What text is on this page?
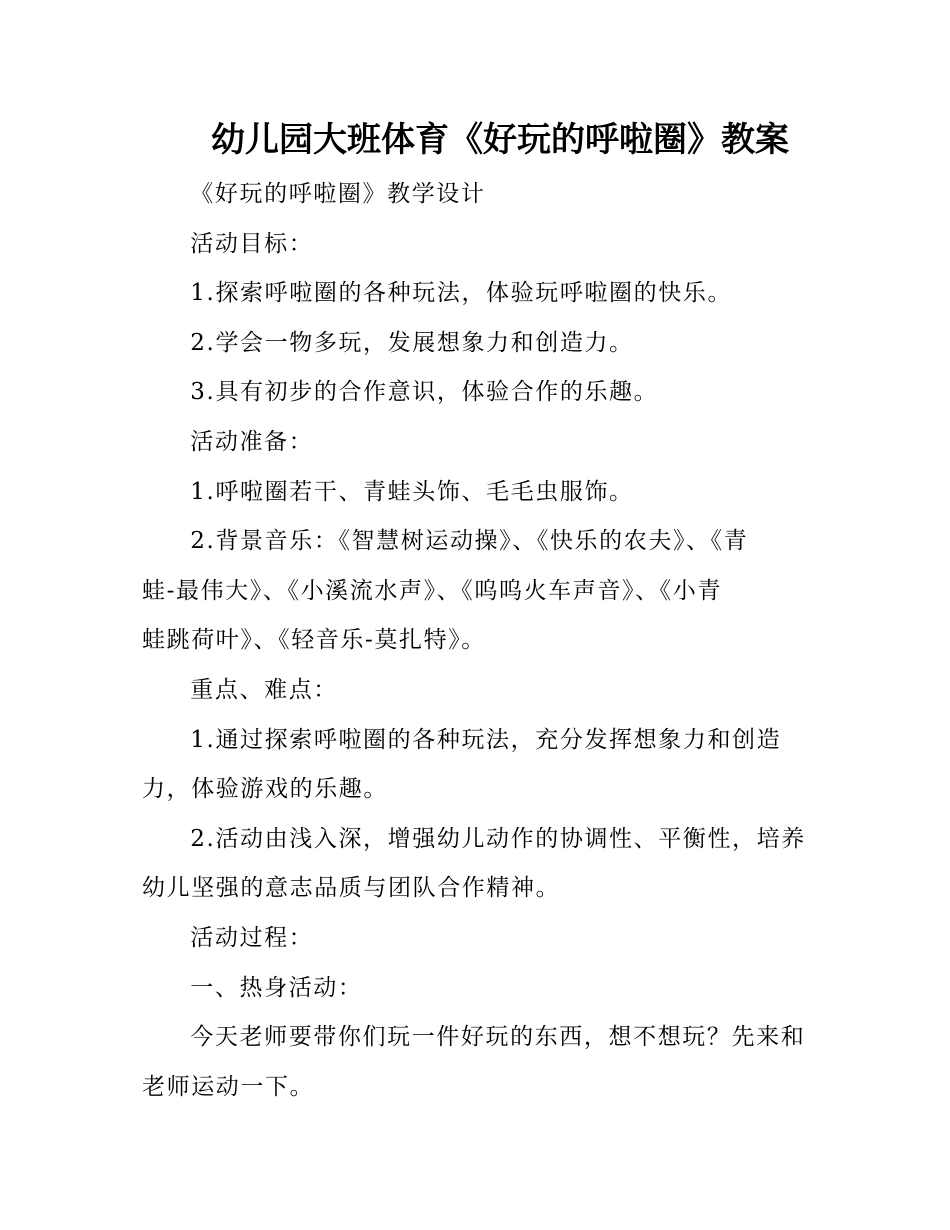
幼儿园大班体育《好玩的呼啦圈》教案

《好玩的呼啦圈》教学设计

活动目标：

1.探索呼啦圈的各种玩法，体验玩呼啦圈的快乐。

2.学会一物多玩，发展想象力和创造力。

3.具有初步的合作意识，体验合作的乐趣。

活动准备：

1.呼啦圈若干、青蛙头饰、毛毛虫服饰。

2.背景音乐：《智慧树运动操》、《快乐的农夫》、《青
蛙-最伟大》、《小溪流水声》、《呜呜火车声音》、《小青
蛙跳荷叶》、《轻音乐-莫扎特》。

重点、难点：

1.通过探索呼啦圈的各种玩法，充分发挥想象力和创造
力，体验游戏的乐趣。

2.活动由浅入深，增强幼儿动作的协调性、平衡性，培养
幼儿坚强的意志品质与团队合作精神。

活动过程：

一、热身活动：

今天老师要带你们玩一件好玩的东西，想不想玩？先来和
老师运动一下。
